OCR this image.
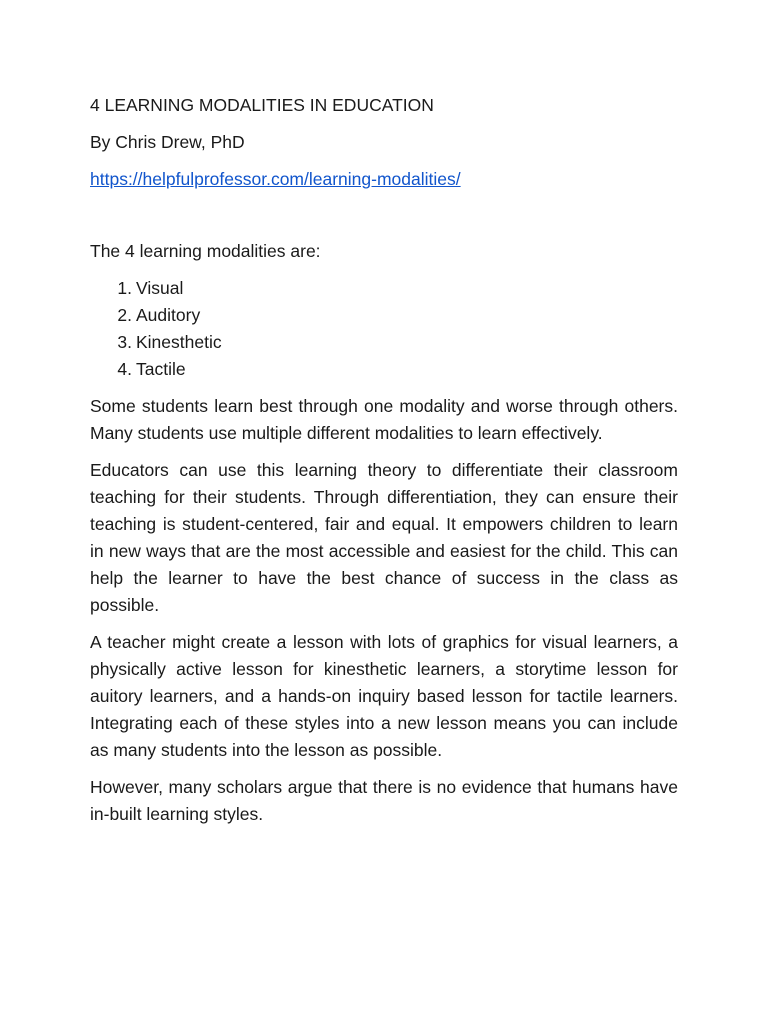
4 LEARNING MODALITIES IN EDUCATION
By Chris Drew, PhD
https://helpfulprofessor.com/learning-modalities/
The 4 learning modalities are:
1. Visual
2. Auditory
3. Kinesthetic
4. Tactile

Some students learn best through one modality and worse through others. Many students use multiple different modalities to learn effectively.

Educators can use this learning theory to differentiate their classroom teaching for their students. Through differentiation, they can ensure their teaching is student-centered, fair and equal. It empowers children to learn in new ways that are the most accessible and easiest for the child. This can help the learner to have the best chance of success in the class as possible.

A teacher might create a lesson with lots of graphics for visual learners, a physically active lesson for kinesthetic learners, a storytime lesson for auitory learners, and a hands-on inquiry based lesson for tactile learners. Integrating each of these styles into a new lesson means you can include as many students into the lesson as possible.

However, many scholars argue that there is no evidence that humans have in-built learning styles.
